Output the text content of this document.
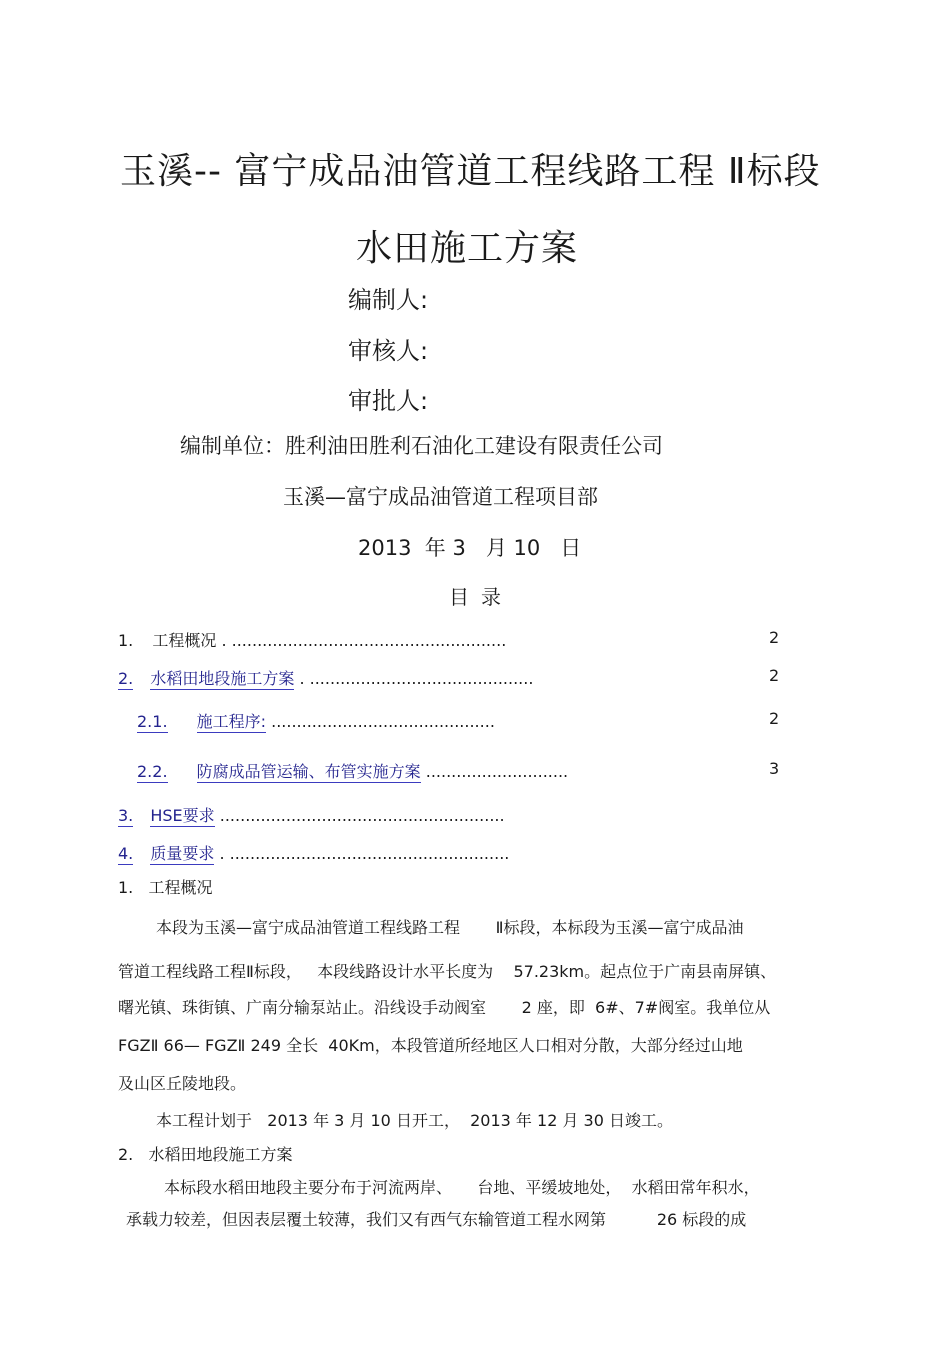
玉溪-- 富宁成品油管道工程线路工程 Ⅱ标段
水田施工方案
编制人:
审核人:
审批人:
编制单位：胜利油田胜利石油化工建设有限责任公司
玉溪—富宁成品油管道工程项目部
2013  年 3   月 10   日
目录
1. 工程概况 . ......................................................	2
2. 水稻田地段施工方案 . ............................................	2
2.1. 施工程序: ............................................	2
2.2. 防腐成品管运输、布管实施方案 ............................	3
3. HSE要求 ........................................................
4. 质量要求 . .......................................................
1.   工程概况
本段为玉溪—富宁成品油管道工程线路工程       Ⅱ标段，本标段为玉溪—富宁成品油
管道工程线路工程Ⅱ标段，   本段线路设计水平长度为    57.23km。起点位于广南县南屏镇、
曙光镇、珠街镇、广南分输泵站止。沿线设手动阀室       2 座，即  6#、7#阀室。我单位从
FGZⅡ 66— FGZⅡ 249 全长  40Km，本段管道所经地区人口相对分散，大部分经过山地
及山区丘陵地段。
本工程计划于   2013 年 3 月 10 日开工，  2013 年 12 月 30 日竣工。
2.   水稻田地段施工方案
本标段水稻田地段主要分布于河流两岸、     台地、平缓坡地处，  水稻田常年积水，
承载力较差，但因表层覆土较薄，我们又有西气东输管道工程水网第          26 标段的成
